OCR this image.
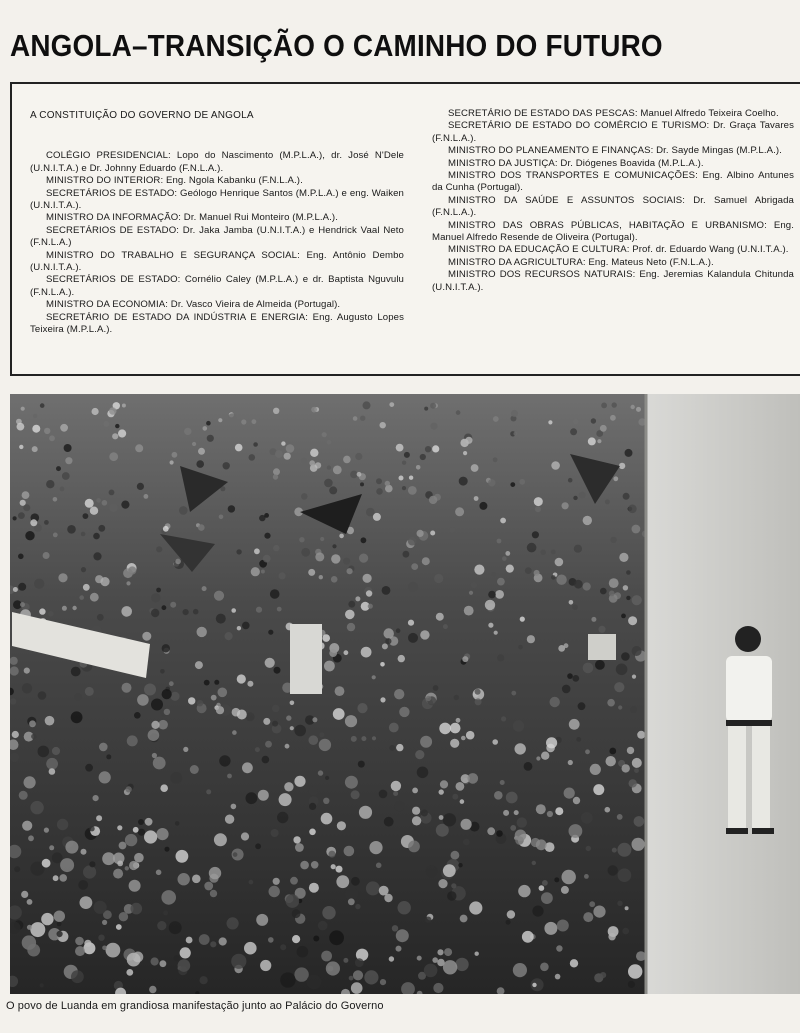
ANGOLA–TRANSIÇÃO O CAMINHO DO FUTURO

A CONSTITUIÇÃO DO GOVERNO DE ANGOLA

COLÉGIO PRESIDENCIAL: Lopo do Nascimento (M.P.L.A.), dr. José N'Dele (U.N.I.T.A.) e Dr. Johnny Eduardo (F.N.L.A.).

MINISTRO DO INTERIOR: Eng. Ngola Kabanku (F.N.L.A.).

SECRETÁRIOS DE ESTADO: Geólogo Henrique Santos (M.P.L.A.) e eng. Waiken (U.N.I.T.A.).

MINISTRO DA INFORMAÇÃO: Dr. Manuel Rui Monteiro (M.P.L.A.).

SECRETÁRIOS DE ESTADO: Dr. Jaka Jamba (U.N.I.T.A.) e Hendrick Vaal Neto (F.N.L.A.)

MINISTRO DO TRABALHO E SEGURANÇA SOCIAL: Eng. Antônio Dembo (U.N.I.T.A.).

SECRETÁRIOS DE ESTADO: Cornélio Caley (M.P.L.A.) e dr. Baptista Nguvulu (F.N.L.A.).

MINISTRO DA ECONOMIA: Dr. Vasco Vieira de Almeida (Portugal).

SECRETÁRIO DE ESTADO DA INDÚSTRIA E ENERGIA: Eng. Augusto Lopes Teixeira (M.P.L.A.).

SECRETÁRIO DE ESTADO DAS PESCAS: Manuel Alfredo Teixeira Coelho.

SECRETÁRIO DE ESTADO DO COMÉRCIO E TURISMO: Dr. Graça Tavares (F.N.L.A.).

MINISTRO DO PLANEAMENTO E FINANÇAS: Dr. Sayde Mingas (M.P.L.A.).

MINISTRO DA JUSTIÇA: Dr. Diógenes Boavida (M.P.L.A.).

MINISTRO DOS TRANSPORTES E COMUNICAÇÕES: Eng. Albino Antunes da Cunha (Portugal).

MINISTRO DA SAÚDE E ASSUNTOS SOCIAIS: Dr. Samuel Abrigada (F.N.L.A.).

MINISTRO DAS OBRAS PÚBLICAS, HABITAÇÃO E URBANISMO: Eng. Manuel Alfredo Resende de Oliveira (Portugal).

MINISTRO DA EDUCAÇÃO E CULTURA: Prof. dr. Eduardo Wang (U.N.I.T.A.).

MINISTRO DA AGRICULTURA: Eng. Mateus Neto (F.N.L.A.).

MINISTRO DOS RECURSOS NATURAIS: Eng. Jeremias Kalandula Chitunda (U.N.I.T.A.).

O povo de Luanda em grandiosa manifestação junto ao Palácio do Governo
